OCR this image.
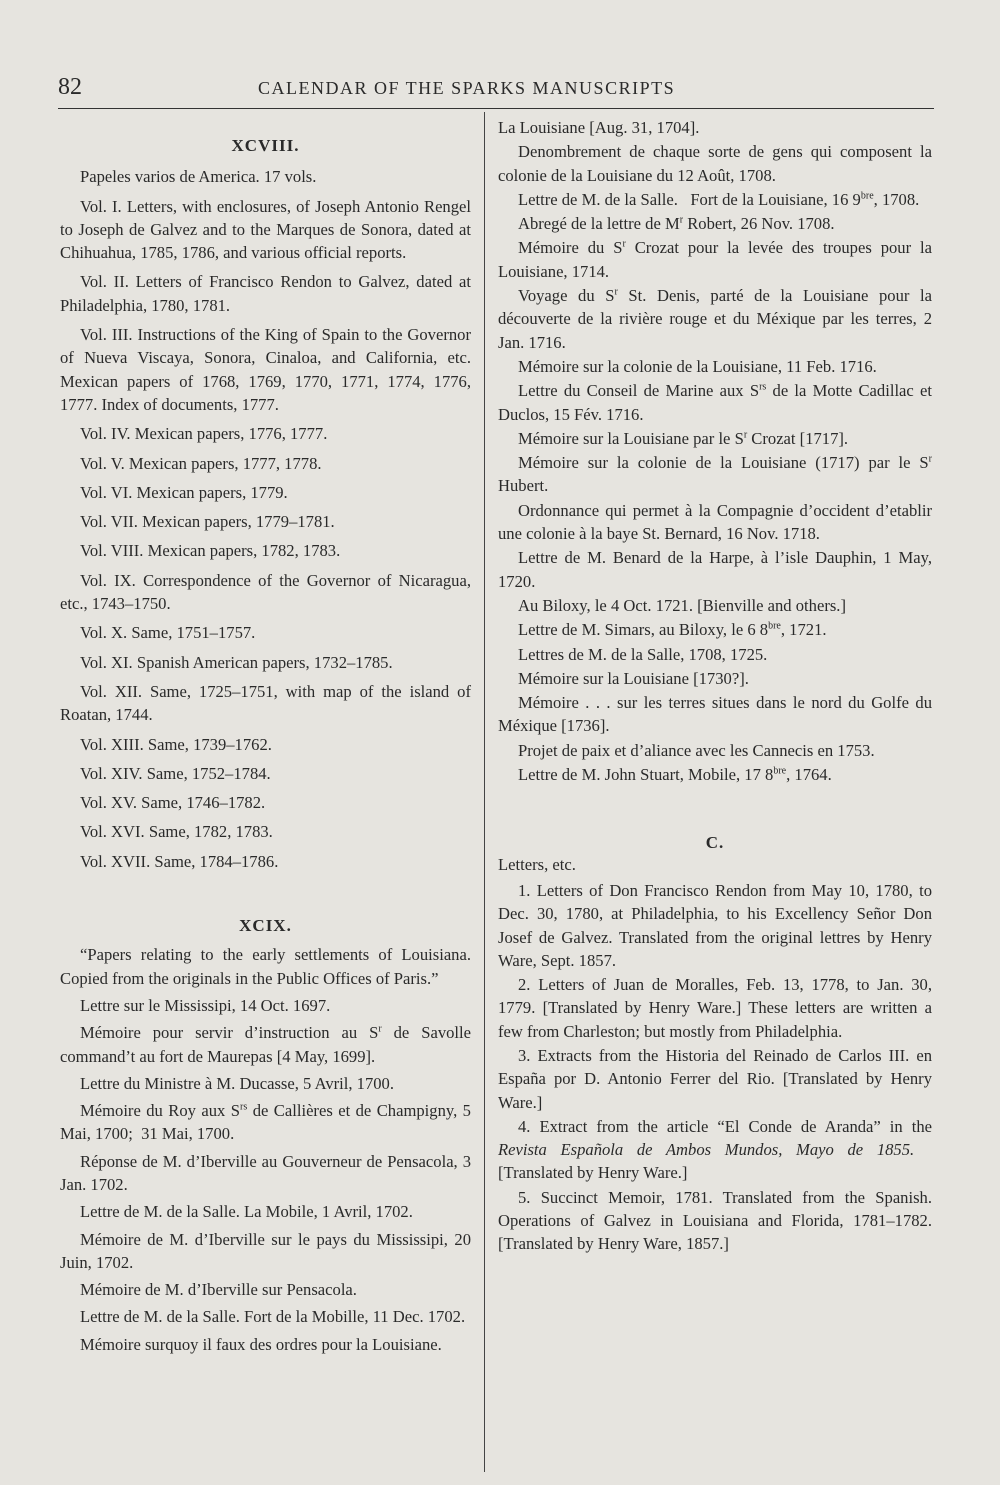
82	CALENDAR OF THE SPARKS MANUSCRIPTS
XCVIII.

Papeles varios de America. 17 vols.

Vol. I. Letters, with enclosures, of Joseph Antonio Rengel to Joseph de Galvez and to the Marques de Sonora, dated at Chihuahua, 1785, 1786, and various official reports.

Vol. II. Letters of Francisco Rendon to Galvez, dated at Philadelphia, 1780, 1781.

Vol. III. Instructions of the King of Spain to the Governor of Nueva Viscaya, Sonora, Cinaloa, and California, etc. Mexican papers of 1768, 1769, 1770, 1771, 1774, 1776, 1777. Index of documents, 1777.

Vol. IV. Mexican papers, 1776, 1777.

Vol. V. Mexican papers, 1777, 1778.

Vol. VI. Mexican papers, 1779.

Vol. VII. Mexican papers, 1779–1781.

Vol. VIII. Mexican papers, 1782, 1783.

Vol. IX. Correspondence of the Governor of Nicaragua, etc., 1743–1750.

Vol. X. Same, 1751–1757.

Vol. XI. Spanish American papers, 1732–1785.

Vol. XII. Same, 1725–1751, with map of the island of Roatan, 1744.

Vol. XIII. Same, 1739–1762.

Vol. XIV. Same, 1752–1784.

Vol. XV. Same, 1746–1782.

Vol. XVI. Same, 1782, 1783.

Vol. XVII. Same, 1784–1786.

XCIX.

“Papers relating to the early settlements of Louisiana. Copied from the originals in the Public Offices of Paris.”

Lettre sur le Mississipi, 14 Oct. 1697.

Mémoire pour servir d’instruction au $S^r$ de Savolle command’t au fort de Maurepas [4 May, 1699].

Lettre du Ministre à M. Ducasse, 5 Avril, 1700.

Mémoire du Roy aux $S^{rs}$ de Callières et de Champigny, 5 Mai, 1700;  31 Mai, 1700.

Réponse de M. d’Iberville au Gouverneur de Pensacola, 3 Jan. 1702.

Lettre de M. de la Salle. La Mobile, 1 Avril, 1702.

Mémoire de M. d’Iberville sur le pays du Mississipi, 20 Juin, 1702.

Mémoire de M. d’Iberville sur Pensacola.

Lettre de M. de la Salle. Fort de la Mobille, 11 Dec. 1702.

Mémoire surquoy il faux des ordres pour la Louisiane.

La Louisiane [Aug. 31, 1704].

Denombrement de chaque sorte de gens qui composent la colonie de la Louisiane du 12 Août, 1708.

Lettre de M. de la Salle.   Fort de la Louisiane, 16 $9^{bre}$, 1708.

Abregé de la lettre de $M^r$ Robert, 26 Nov. 1708.

Mémoire du $S^r$ Crozat pour la levée des troupes pour la Louisiane, 1714.

Voyage du $S^r$ St. Denis, parté de la Louisiane pour la découverte de la rivière rouge et du Méxique par les terres, 2 Jan. 1716.

Mémoire sur la colonie de la Louisiane, 11 Feb. 1716.

Lettre du Conseil de Marine aux $S^{rs}$ de la Motte Cadillac et Duclos, 15 Fév. 1716.

Mémoire sur la Louisiane par le $S^r$ Crozat [1717].

Mémoire sur la colonie de la Louisiane (1717) par le $S^r$ Hubert.

Ordonnance qui permet à la Compagnie d’occident d’etablir une colonie à la baye St. Bernard, 16 Nov. 1718.

Lettre de M. Benard de la Harpe, à l’isle Dauphin, 1 May, 1720.

Au Biloxy, le 4 Oct. 1721. [Bienville and others.]

Lettre de M. Simars, au Biloxy, le 6 $8^{bre}$, 1721.

Lettres de M. de la Salle, 1708, 1725.

Mémoire sur la Louisiane [1730?].

Mémoire . . . sur les terres situes dans le nord du Golfe du Méxique [1736].

Projet de paix et d’aliance avec les Cannecis en 1753.

Lettre de M. John Stuart, Mobile, 17 $8^{bre}$, 1764.

C.

Letters, etc.

1. Letters of Don Francisco Rendon from May 10, 1780, to Dec. 30, 1780, at Philadelphia, to his Excellency Señor Don Josef de Galvez. Translated from the original lettres by Henry Ware, Sept. 1857.

2. Letters of Juan de Moralles, Feb. 13, 1778, to Jan. 30, 1779. [Translated by Henry Ware.] These letters are written a few from Charleston; but mostly from Philadelphia.

3. Extracts from the Historia del Reinado de Carlos III. en España por D. Antonio Ferrer del Rio. [Translated by Henry Ware.]

4. Extract from the article “El Conde de Aranda” in the Revista Española de Ambos Mundos, Mayo de 1855.   [Translated by Henry Ware.]

5. Succinct Memoir, 1781. Translated from the Spanish. Operations of Galvez in Louisiana and Florida, 1781–1782. [Translated by Henry Ware, 1857.]
